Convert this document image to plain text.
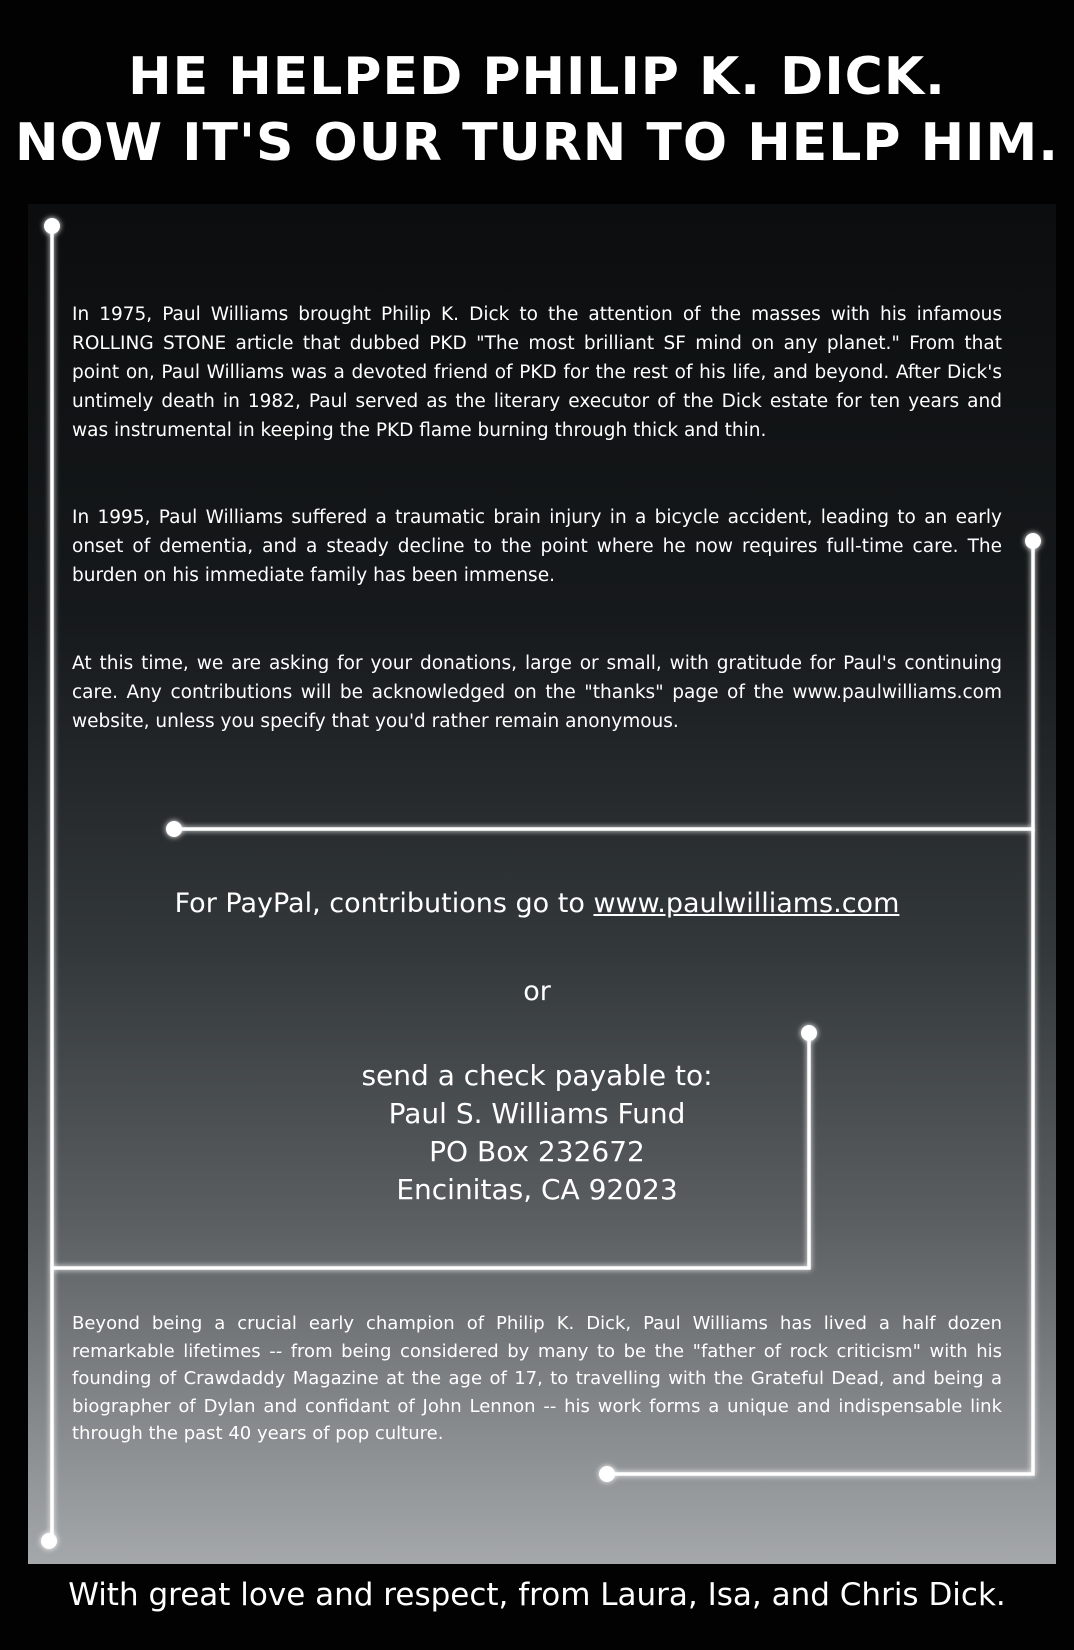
HE HELPED PHILIP K. DICK.
NOW IT'S OUR TURN TO HELP HIM.

In 1975, Paul Williams brought Philip K. Dick to the attention of the masses with his infamous ROLLING STONE article that dubbed PKD "The most brilliant SF mind on any planet." From that point on, Paul Williams was a devoted friend of PKD for the rest of his life, and beyond. After Dick's untimely death in 1982, Paul served as the literary executor of the Dick estate for ten years and was instrumental in keeping the PKD flame burning through thick and thin.

In 1995, Paul Williams suffered a traumatic brain injury in a bicycle accident, leading to an early onset of dementia, and a steady decline to the point where he now requires full-time care. The burden on his immediate family has been immense.

At this time, we are asking for your donations, large or small, with gratitude for Paul's continuing care. Any contributions will be acknowledged on the "thanks" page of the www.paulwilliams.com website, unless you specify that you'd rather remain anonymous.

For PayPal, contributions go to www.paulwilliams.com
or
send a check payable to:
Paul S. Williams Fund
PO Box 232672
Encinitas, CA 92023

Beyond being a crucial early champion of Philip K. Dick, Paul Williams has lived a half dozen remarkable lifetimes -- from being considered by many to be the "father of rock criticism" with his founding of Crawdaddy Magazine at the age of 17, to travelling with the Grateful Dead, and being a biographer of Dylan and confidant of John Lennon -- his work forms a unique and indispensable link through the past 40 years of pop culture.

With great love and respect, from Laura, Isa, and Chris Dick.
